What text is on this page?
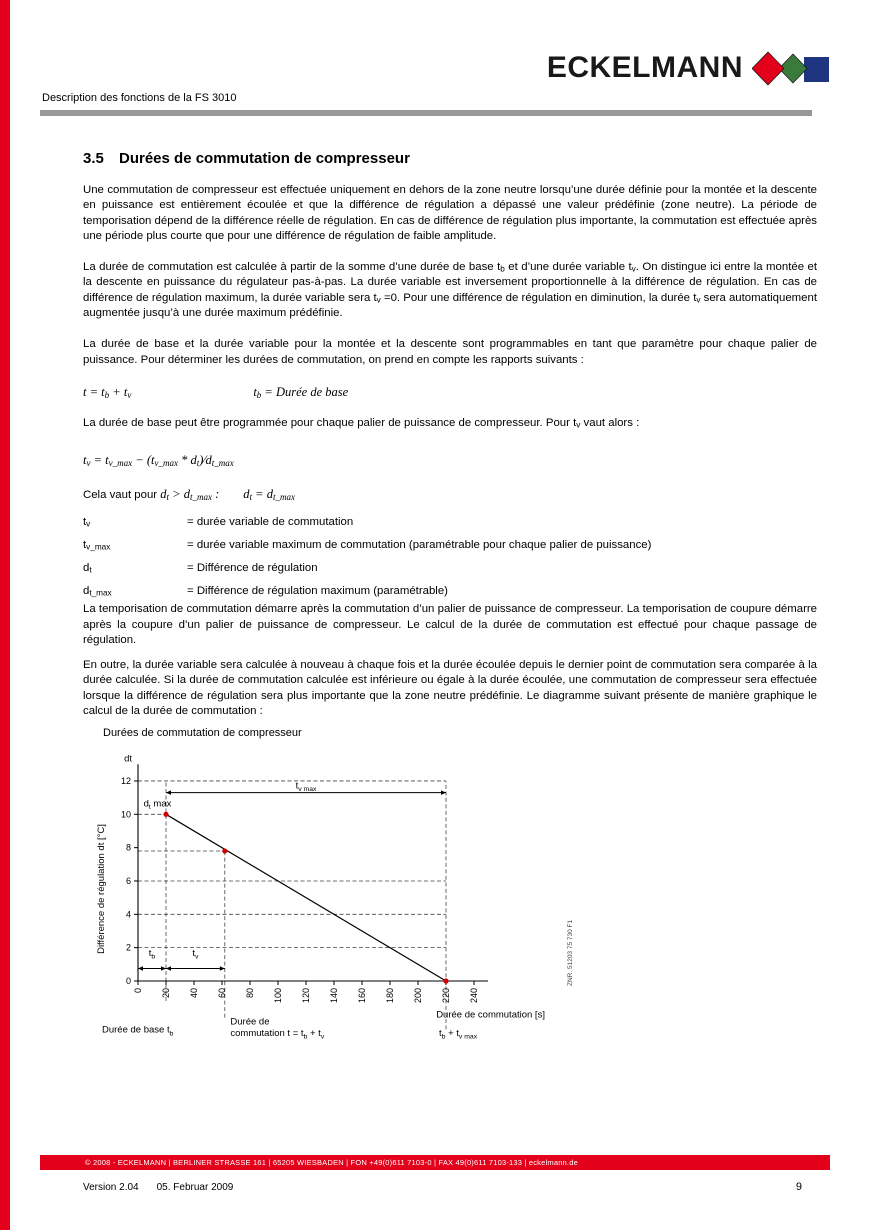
ECKELMANN
Description des fonctions de la FS 3010
3.5 Durées de commutation de compresseur

Une commutation de compresseur est effectuée uniquement en dehors de la zone neutre lorsqu’une durée définie pour la montée et la descente en puissance est entièrement écoulée et que la différence de régulation a dépassé une valeur prédéfinie (zone neutre). La période de temporisation dépend de la différence réelle de régulation. En cas de différence de régulation plus importante, la commutation est effectuée après une période plus courte que pour une différence de régulation de faible amplitude.

La durée de commutation est calculée à partir de la somme d’une durée de base $t_b$ et d’une durée variable $t_v$. On distingue ici entre la montée et la descente en puissance du régulateur pas-à-pas. La durée variable est inversement proportionnelle à la différence de régulation. En cas de différence de régulation maximum, la durée variable sera $t_v =0$. Pour une différence de régulation en diminution, la durée $t_v$ sera automatiquement augmentée jusqu’à une durée maximum prédéfinie.

La durée de base et la durée variable pour la montée et la descente sont programmables en tant que paramètre pour chaque palier de puissance. Pour déterminer les durées de commutation, on prend en compte les rapports suivants :

$t = t_b + t_v$	$t_b$ = Durée de base

La durée de base peut être programmée pour chaque palier de puissance de compresseur. Pour $t_v$ vaut alors :

$t_v = t_{v\_max} - (t_{v\_max}$ * $d_t)⁄d_{t\_max}$
Cela vaut pour $d_t > d_{t\_max}$ : $d_t = d_{t\_max}$
$t_v$	= durée variable de commutation
$t_{v\_max}$	= durée variable maximum de commutation (paramétrable pour chaque palier de puissance)
$d_t$	= Différence de régulation
$d_{t\_max}$	= Différence de régulation maximum (paramétrable)

La temporisation de commutation démarre après la commutation d’un palier de puissance de compresseur. La temporisation de coupure démarre après la coupure d’un palier de puissance de compresseur. Le calcul de la durée de commutation est effectué pour chaque passage de régulation.

En outre, la durée variable sera calculée à nouveau à chaque fois et la durée écoulée depuis le dernier point de commutation sera comparée à la durée calculée. Si la durée de commutation calculée est inférieure ou égale à la durée écoulée, une commutation de compresseur sera effectuée lorsque la différence de régulation sera plus importante que la zone neutre prédéfinie. Le diagramme suivant présente de manière graphique le calcul de la durée de commutation :

Durées de commutation de compresseur
0
2
4
6
8
10
12
0 20 40 60 80 100 120 140 160 180 200 220 240
dt
Différence de régulation dt [°C]
Durée de commutation [s]
$t_{v max}$
$t_b$	$t_v$
$d_t$ max
Durée de base $t_b$
Durée de
commutation $t = t_b + t_v$	$t_b + t_{v max}$
ZNR. 51203 75 730 F1
© 2008 - ECKELMANN | BERLINER STRASSE 161 | 65205 WIESBADEN | FON +49(0)611 7103-0 | FAX 49(0)611 7103-133 | eckelmann.de
Version 2.04 05. Februar 2009	9
